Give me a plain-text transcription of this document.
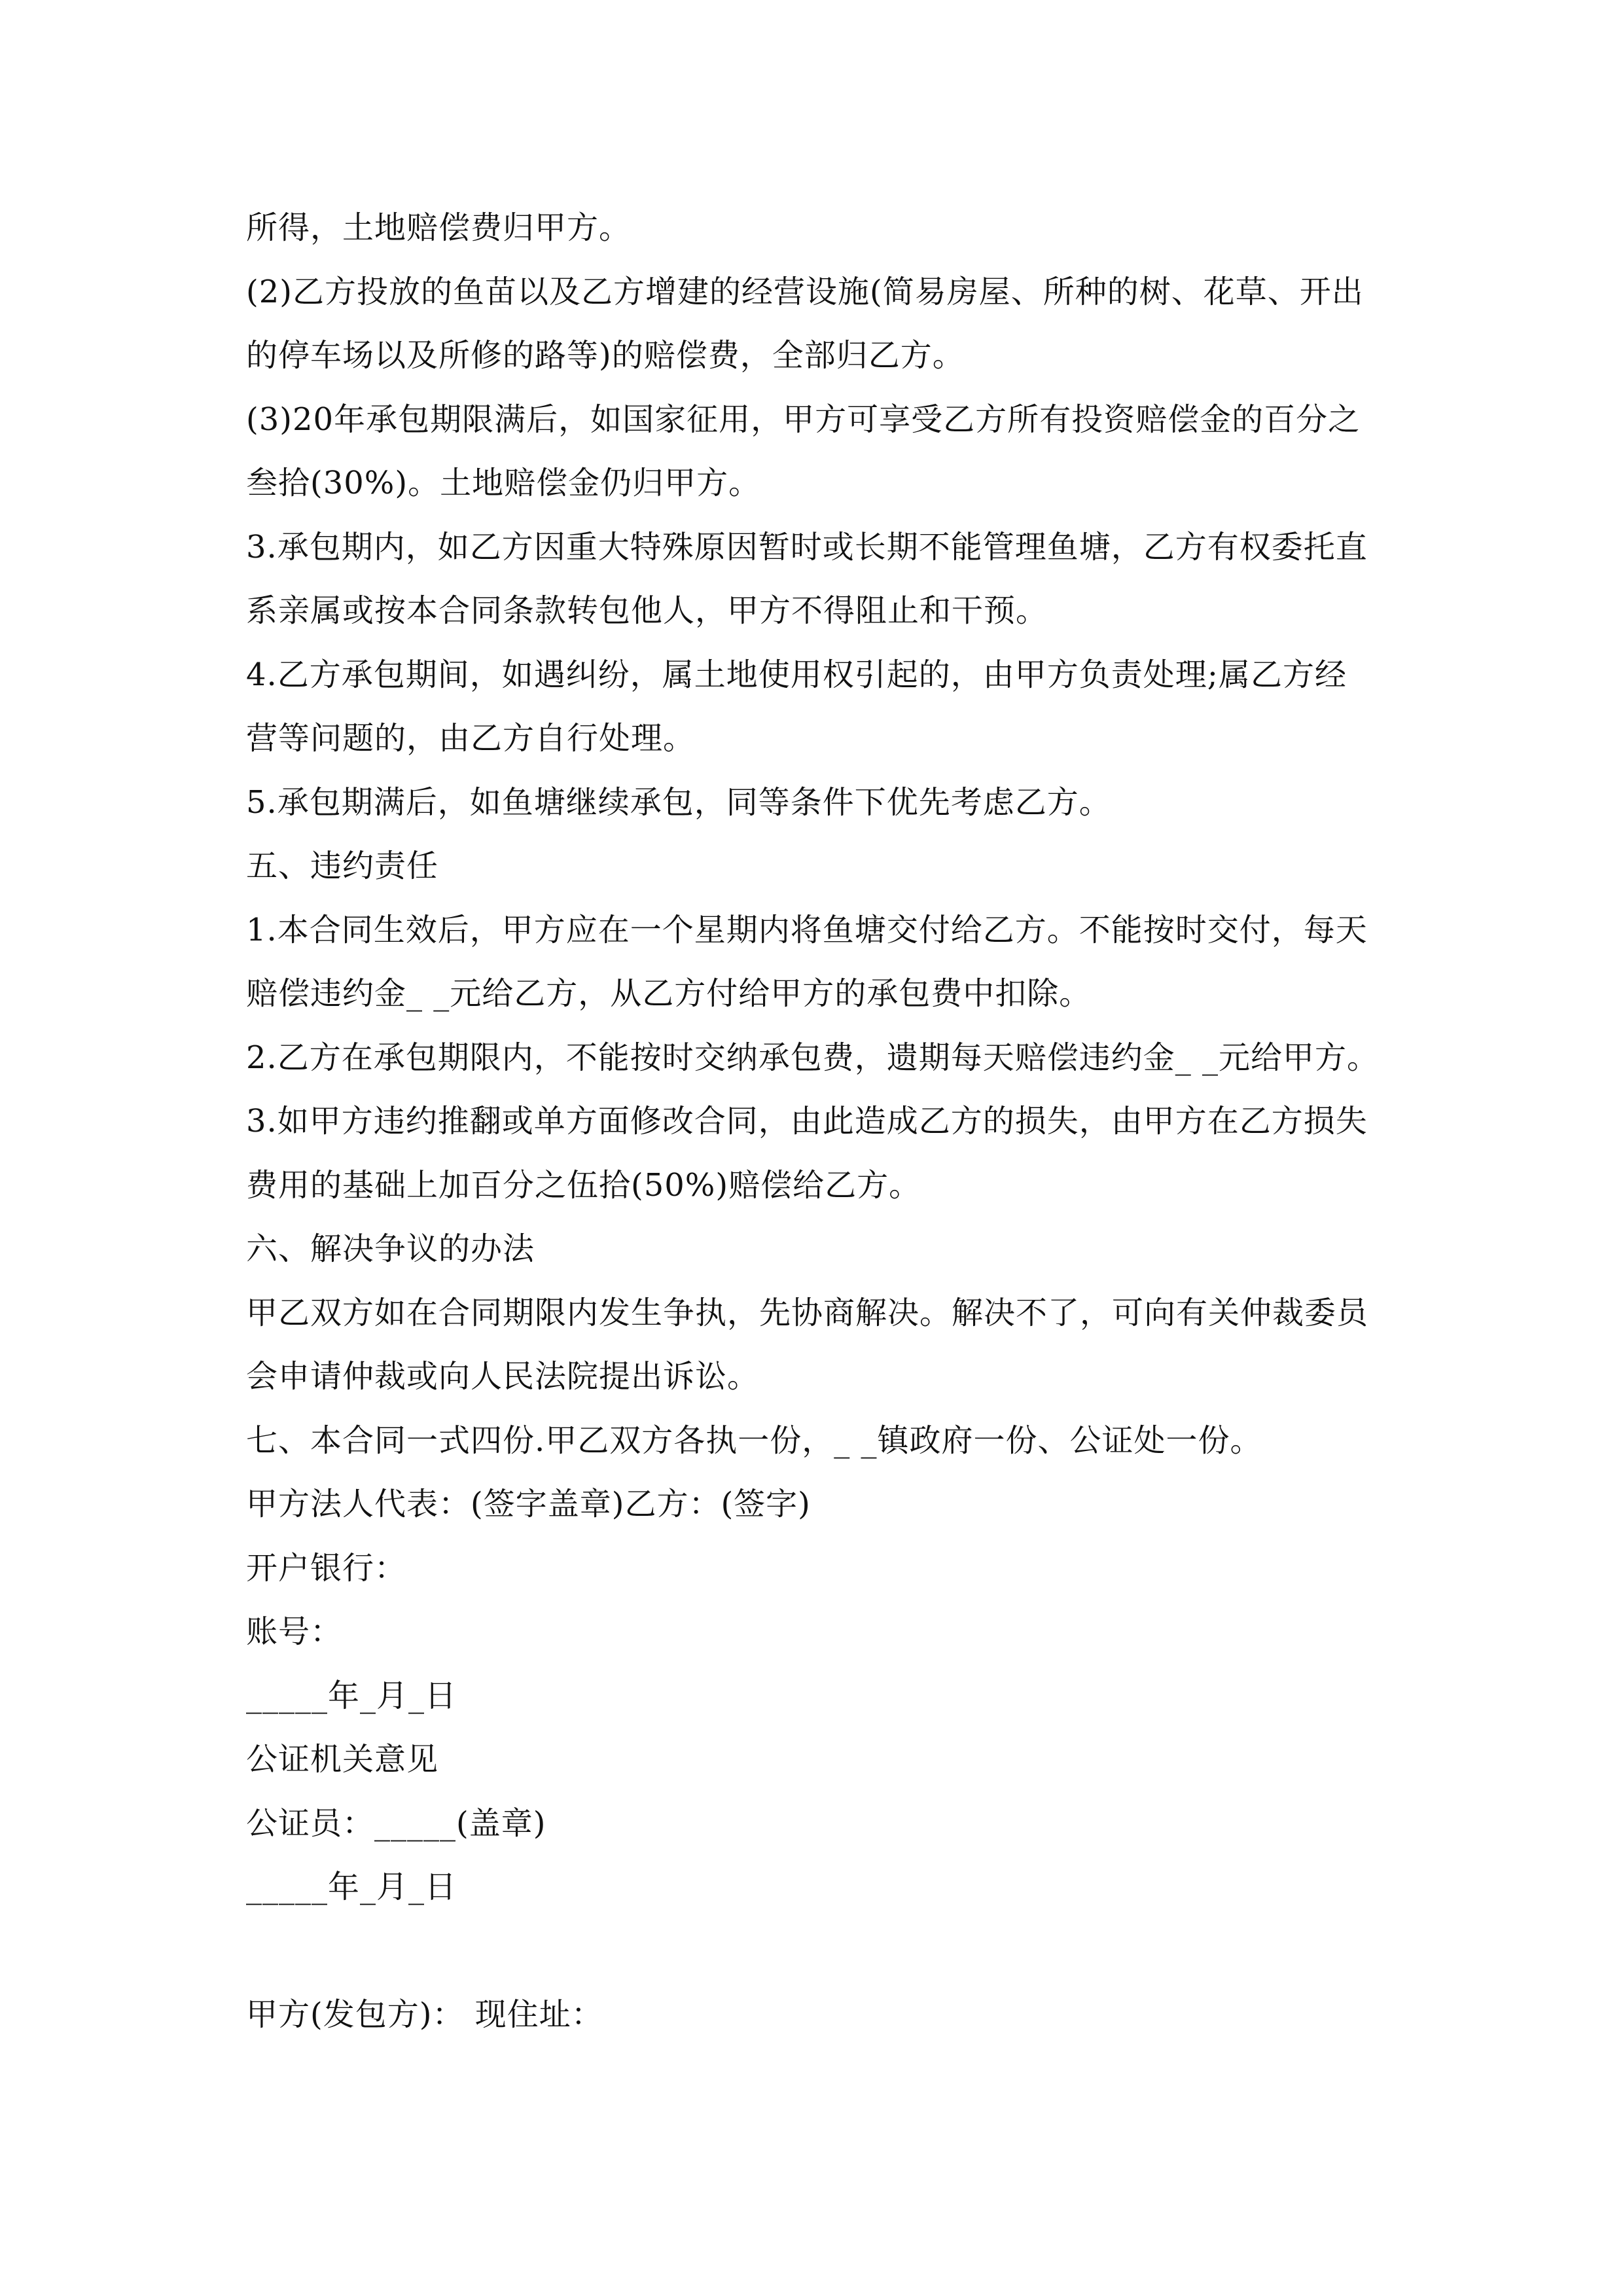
所得，土地赔偿费归甲方。
(2)乙方投放的鱼苗以及乙方增建的经营设施(简易房屋、所种的树、花草、开出
的停车场以及所修的路等)的赔偿费，全部归乙方。
(3)20年承包期限满后，如国家征用，甲方可享受乙方所有投资赔偿金的百分之
叁拾(30%)。土地赔偿金仍归甲方。
3.承包期内，如乙方因重大特殊原因暂时或长期不能管理鱼塘，乙方有权委托直
系亲属或按本合同条款转包他人，甲方不得阻止和干预。
4.乙方承包期间，如遇纠纷，属土地使用权引起的，由甲方负责处理;属乙方经
营等问题的，由乙方自行处理。
5.承包期满后，如鱼塘继续承包，同等条件下优先考虑乙方。
五、违约责任
1.本合同生效后，甲方应在一个星期内将鱼塘交付给乙方。不能按时交付，每天
赔偿违约金_ _元给乙方，从乙方付给甲方的承包费中扣除。
2.乙方在承包期限内，不能按时交纳承包费，遗期每天赔偿违约金_ _元给甲方。
3.如甲方违约推翻或单方面修改合同，由此造成乙方的损失，由甲方在乙方损失
费用的基础上加百分之伍拾(50%)赔偿给乙方。
六、解决争议的办法
甲乙双方如在合同期限内发生争执，先协商解决。解决不了，可向有关仲裁委员
会申请仲裁或向人民法院提出诉讼。
七、本合同一式四份.甲乙双方各执一份，_ _镇政府一份、公证处一份。
甲方法人代表：(签字盖章)乙方：(签字)
开户银行：
账号：
_____年_月_日
公证机关意见
公证员：_____(盖章)
_____年_月_日
甲方(发包方)： 现住址：
